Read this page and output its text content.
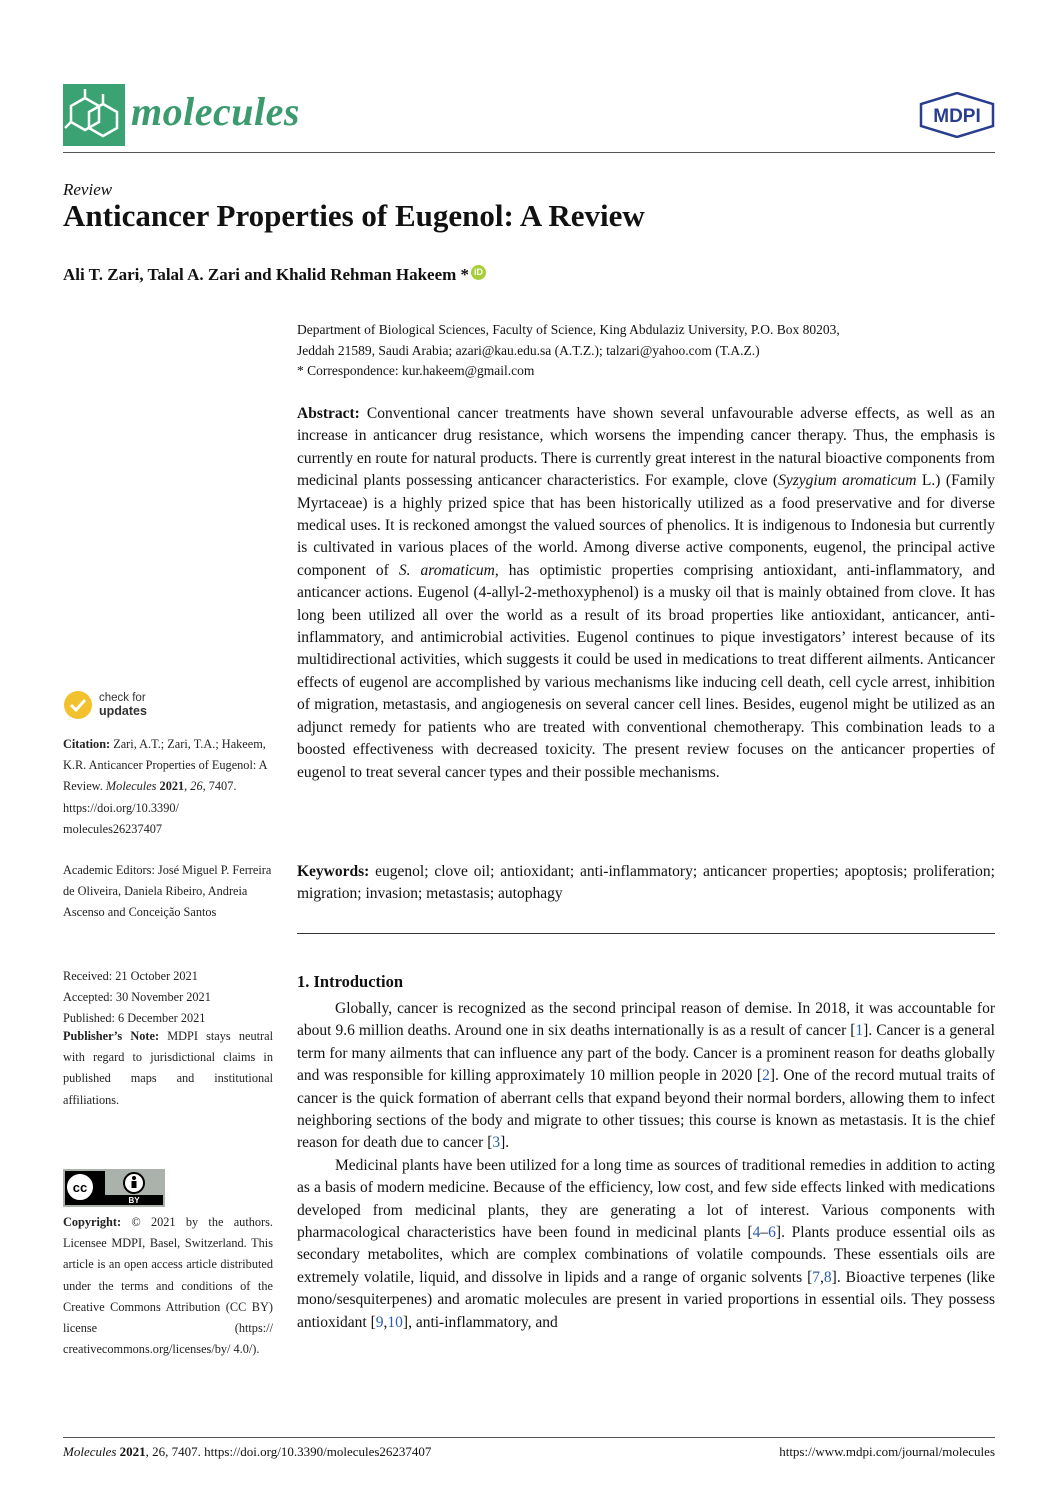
molecules	MDPI
Review
Anticancer Properties of Eugenol: A Review
Ali T. Zari, Talal A. Zari and Khalid Rehman Hakeem * iD
Department of Biological Sciences, Faculty of Science, King Abdulaziz University, P.O. Box 80203,
Jeddah 21589, Saudi Arabia; azari@kau.edu.sa (A.T.Z.); talzari@yahoo.com (T.A.Z.)
* Correspondence: kur.hakeem@gmail.com
Abstract: Conventional cancer treatments have shown several unfavourable adverse effects, as well as an increase in anticancer drug resistance, which worsens the impending cancer therapy. Thus, the emphasis is currently en route for natural products. There is currently great interest in the natural bioactive components from medicinal plants possessing anticancer characteristics. For example, clove (Syzygium aromaticum L.) (Family Myrtaceae) is a highly prized spice that has been historically utilized as a food preservative and for diverse medical uses. It is reckoned amongst the valued sources of phenolics. It is indigenous to Indonesia but currently is cultivated in various places of the world. Among diverse active components, eugenol, the principal active component of S. aromaticum, has optimistic properties comprising antioxidant, anti-inflammatory, and anticancer actions. Eugenol (4-allyl-2-methoxyphenol) is a musky oil that is mainly obtained from clove. It has long been utilized all over the world as a result of its broad properties like antioxidant, anticancer, anti-inflammatory, and antimicrobial activities. Eugenol continues to pique investigators’ interest because of its multidirectional activities, which suggests it could be used in medications to treat different ailments. Anticancer effects of eugenol are accomplished by various mechanisms like inducing cell death, cell cycle arrest, inhibition of migration, metastasis, and angiogenesis on several cancer cell lines. Besides, eugenol might be utilized as an adjunct remedy for patients who are treated with conventional chemotherapy. This combination leads to a boosted effectiveness with decreased toxicity. The present review focuses on the anticancer properties of eugenol to treat several cancer types and their possible mechanisms.
Keywords: eugenol; clove oil; antioxidant; anti-inflammatory; anticancer properties; apoptosis; proliferation; migration; invasion; metastasis; autophagy
1. Introduction

Globally, cancer is recognized as the second principal reason of demise. In 2018, it was accountable for about 9.6 million deaths. Around one in six deaths internationally is as a result of cancer [1]. Cancer is a general term for many ailments that can influence any part of the body. Cancer is a prominent reason for deaths globally and was responsible for killing approximately 10 million people in 2020 [2]. One of the record mutual traits of cancer is the quick formation of aberrant cells that expand beyond their normal borders, allowing them to infect neighboring sections of the body and migrate to other tissues; this course is known as metastasis. It is the chief reason for death due to cancer [3].

Medicinal plants have been utilized for a long time as sources of traditional remedies in addition to acting as a basis of modern medicine. Because of the efficiency, low cost, and few side effects linked with medications developed from medicinal plants, they are generating a lot of interest. Various components with pharmacological characteristics have been found in medicinal plants [4–6]. Plants produce essential oils as secondary metabolites, which are complex combinations of volatile compounds. These essentials oils are extremely volatile, liquid, and dissolve in lipids and a range of organic solvents [7,8]. Bioactive terpenes (like mono/sesquiterpenes) and aromatic molecules are present in varied proportions in essential oils. They possess antioxidant [9,10], anti-inflammatory, and

check for
updates
Citation: Zari, A.T.; Zari, T.A.; Hakeem, K.R. Anticancer Properties of Eugenol: A Review. Molecules 2021, 26, 7407. https://doi.org/10.3390/ molecules26237407
Academic Editors: José Miguel P. Ferreira de Oliveira, Daniela Ribeiro, Andreia Ascenso and Conceição Santos
Received: 21 October 2021
Accepted: 30 November 2021
Published: 6 December 2021
Publisher’s Note: MDPI stays neutral with regard to jurisdictional claims in published maps and institutional affiliations.
cc
BY
Copyright: © 2021 by the authors. Licensee MDPI, Basel, Switzerland. This article is an open access article distributed under the terms and conditions of the Creative Commons Attribution (CC BY) license (https:// creativecommons.org/licenses/by/ 4.0/).
Molecules 2021, 26, 7407. https://doi.org/10.3390/molecules26237407	https://www.mdpi.com/journal/molecules
